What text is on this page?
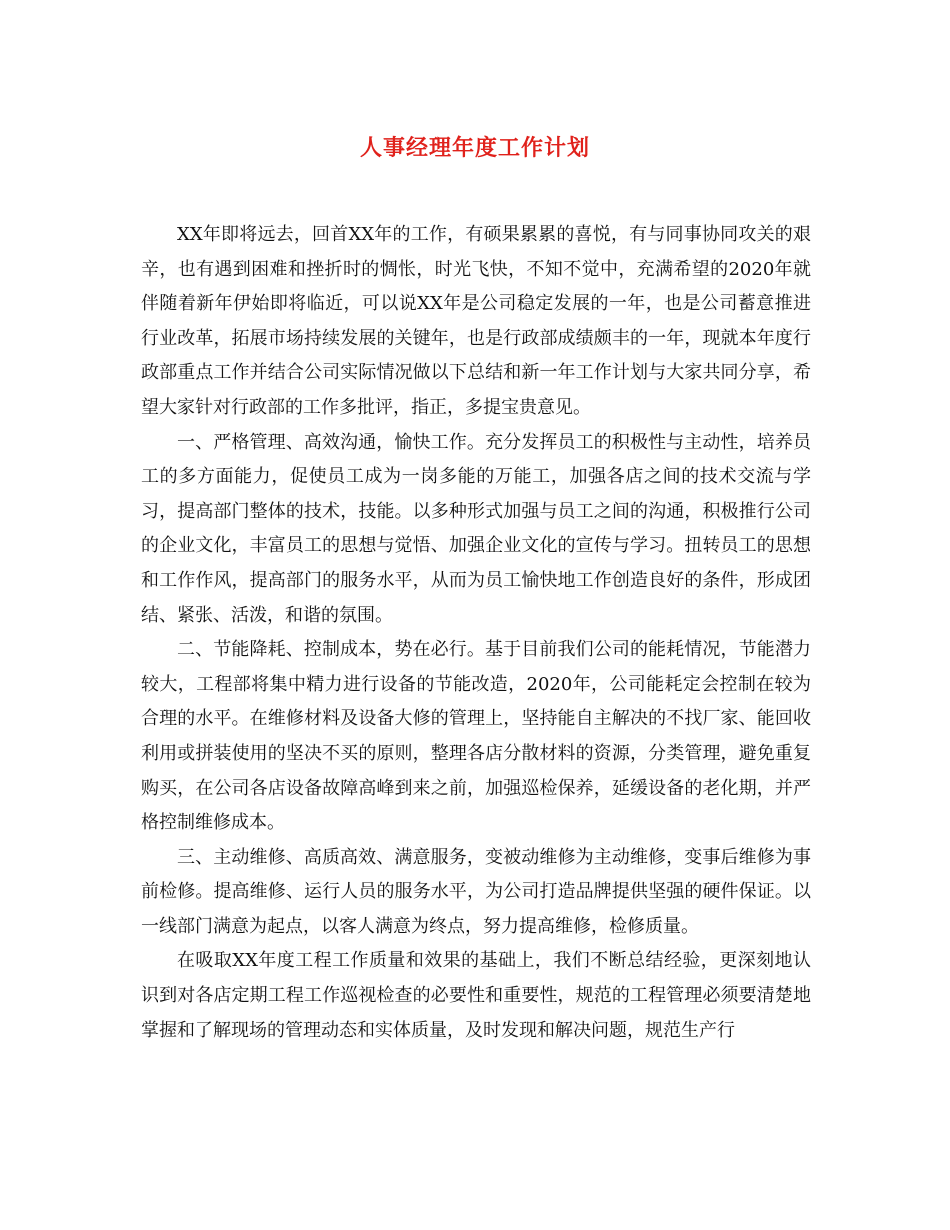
人事经理年度工作计划

XX年即将远去，回首XX年的工作，有硕果累累的喜悦，有与同事协同攻关的艰辛，也有遇到困难和挫折时的惆怅，时光飞快，不知不觉中，充满希望的2020年就伴随着新年伊始即将临近，可以说XX年是公司稳定发展的一年，也是公司蓄意推进行业改革，拓展市场持续发展的关键年，也是行政部成绩颇丰的一年，现就本年度行政部重点工作并结合公司实际情况做以下总结和新一年工作计划与大家共同分享，希望大家针对行政部的工作多批评，指正，多提宝贵意见。

一、严格管理、高效沟通，愉快工作。充分发挥员工的积极性与主动性，培养员工的多方面能力，促使员工成为一岗多能的万能工，加强各店之间的技术交流与学习，提高部门整体的技术，技能。以多种形式加强与员工之间的沟通，积极推行公司的企业文化，丰富员工的思想与觉悟、加强企业文化的宣传与学习。扭转员工的思想和工作作风，提高部门的服务水平，从而为员工愉快地工作创造良好的条件，形成团结、紧张、活泼，和谐的氛围。

二、节能降耗、控制成本，势在必行。基于目前我们公司的能耗情况，节能潜力较大，工程部将集中精力进行设备的节能改造，2020年，公司能耗定会控制在较为合理的水平。在维修材料及设备大修的管理上，坚持能自主解决的不找厂家、能回收利用或拼装使用的坚决不买的原则，整理各店分散材料的资源，分类管理，避免重复购买，在公司各店设备故障高峰到来之前，加强巡检保养，延缓设备的老化期，并严格控制维修成本。

三、主动维修、高质高效、满意服务，变被动维修为主动维修，变事后维修为事前检修。提高维修、运行人员的服务水平，为公司打造品牌提供坚强的硬件保证。以一线部门满意为起点，以客人满意为终点，努力提高维修，检修质量。

在吸取XX年度工程工作质量和效果的基础上，我们不断总结经验，更深刻地认识到对各店定期工程工作巡视检查的必要性和重要性，规范的工程管理必须要清楚地掌握和了解现场的管理动态和实体质量，及时发现和解决问题，规范生产行
